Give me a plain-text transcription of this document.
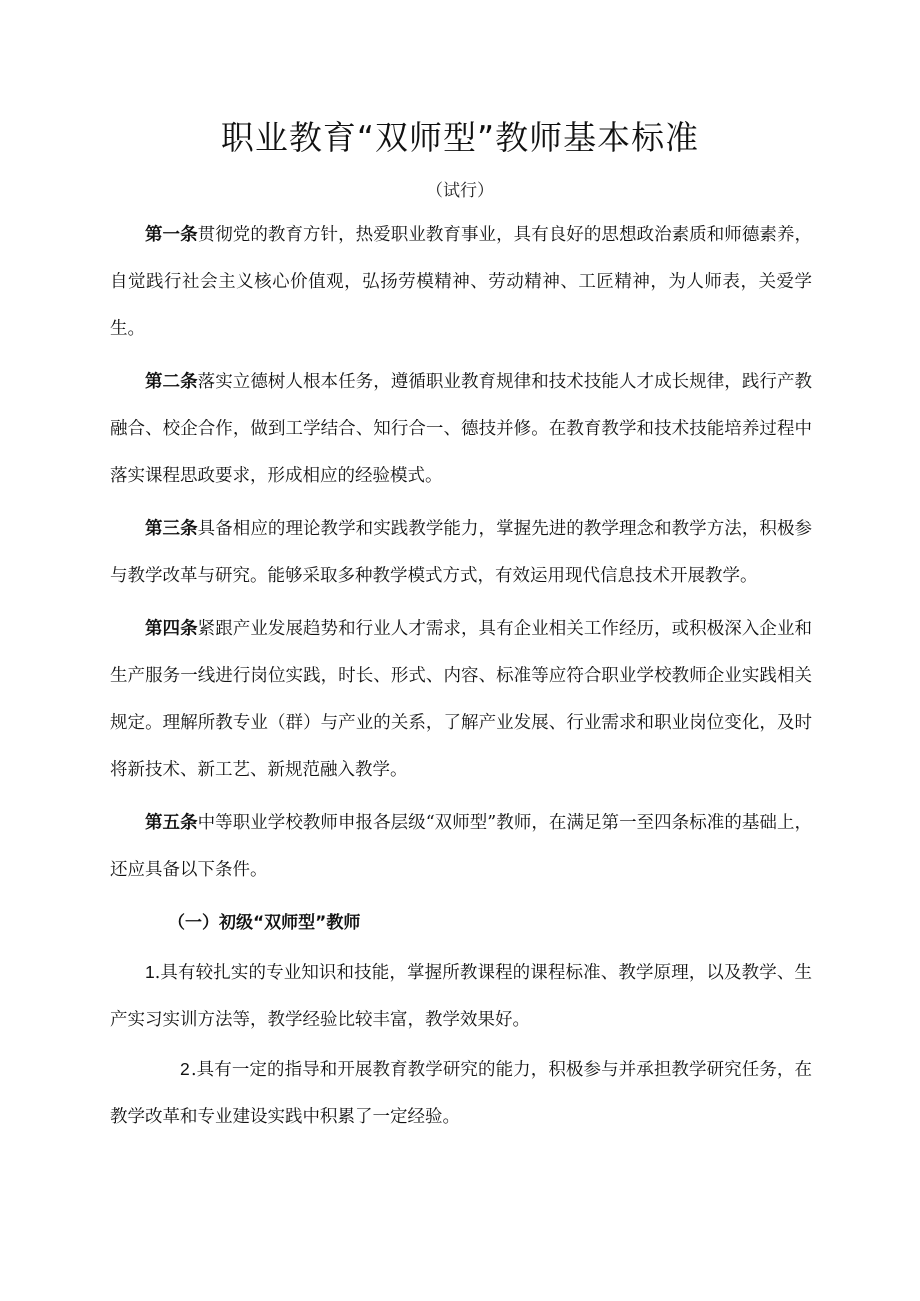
职业教育“双师型”教师基本标准
（试行）

第一条贯彻党的教育方针，热爱职业教育事业，具有良好的思想政治素质和师德素养，自觉践行社会主义核心价值观，弘扬劳模精神、劳动精神、工匠精神，为人师表，关爱学生。

第二条落实立德树人根本任务，遵循职业教育规律和技术技能人才成长规律，践行产教融合、校企合作，做到工学结合、知行合一、德技并修。在教育教学和技术技能培养过程中落实课程思政要求，形成相应的经验模式。

第三条具备相应的理论教学和实践教学能力，掌握先进的教学理念和教学方法，积极参与教学改革与研究。能够采取多种教学模式方式，有效运用现代信息技术开展教学。

第四条紧跟产业发展趋势和行业人才需求，具有企业相关工作经历，或积极深入企业和生产服务一线进行岗位实践，时长、形式、内容、标准等应符合职业学校教师企业实践相关规定。理解所教专业（群）与产业的关系，了解产业发展、行业需求和职业岗位变化，及时将新技术、新工艺、新规范融入教学。

第五条中等职业学校教师申报各层级“双师型”教师，在满足第一至四条标准的基础上，还应具备以下条件。

（一）初级“双师型”教师

1.具有较扎实的专业知识和技能，掌握所教课程的课程标准、教学原理，以及教学、生产实习实训方法等，教学经验比较丰富，教学效果好。

2.具有一定的指导和开展教育教学研究的能力，积极参与并承担教学研究任务，在教学改革和专业建设实践中积累了一定经验。
